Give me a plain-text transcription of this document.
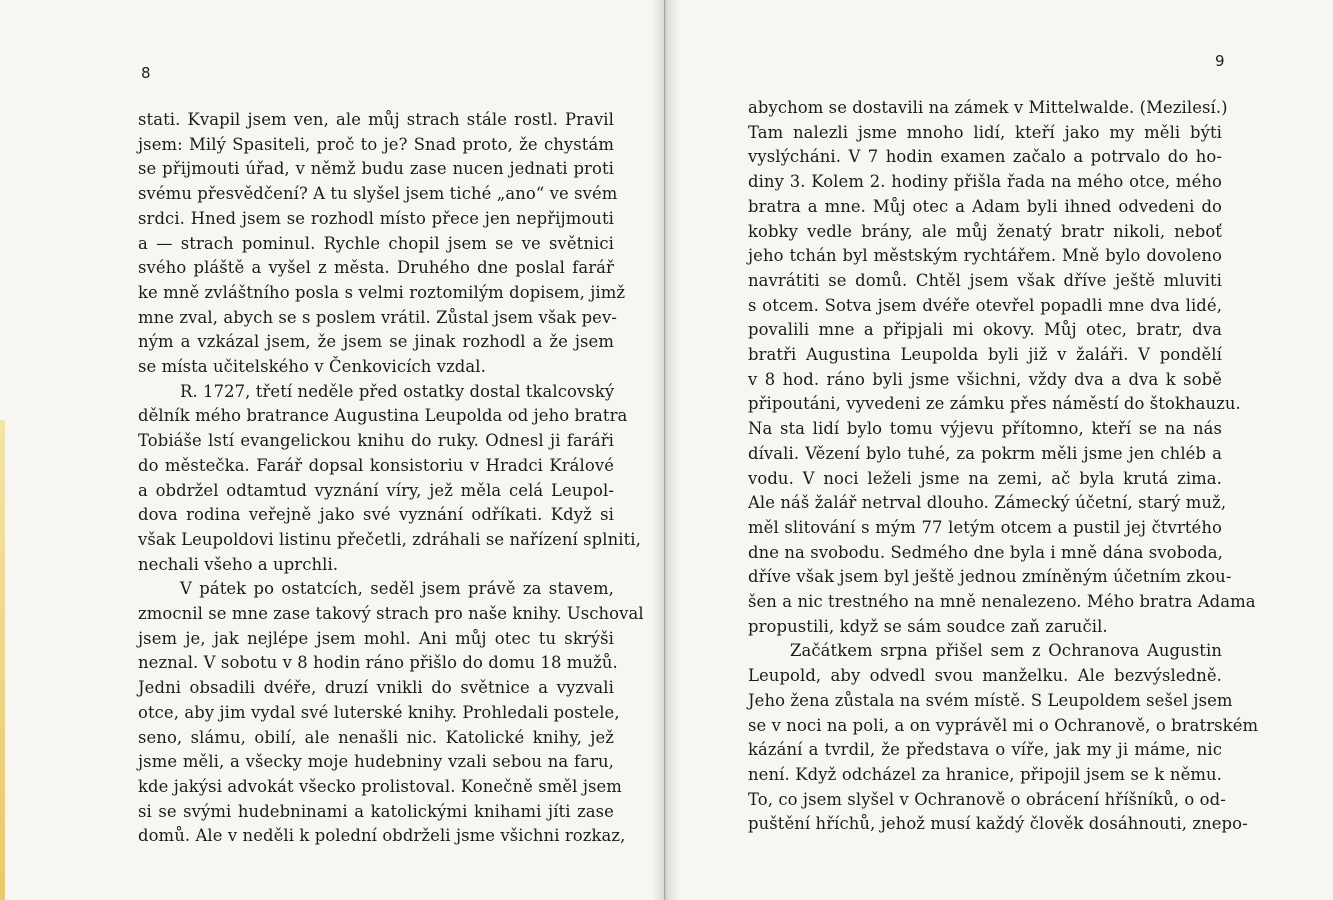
8
stati. Kvapil jsem ven, ale můj strach stále rostl. Pravil
jsem: Milý Spasiteli, proč to je? Snad proto, že chystám
se přijmouti úřad, v němž budu zase nucen jednati proti
svému přesvědčení? A tu slyšel jsem tiché „ano“ ve svém
srdci. Hned jsem se rozhodl místo přece jen nepřijmouti
a — strach pominul. Rychle chopil jsem se ve světnici
svého pláště a vyšel z města. Druhého dne poslal farář
ke mně zvláštního posla s velmi roztomilým dopisem, jimž
mne zval, abych se s poslem vrátil. Zůstal jsem však pev-
ným a vzkázal jsem, že jsem se jinak rozhodl a že jsem
se místa učitelského v Čenkovicích vzdal.
R. 1727, třetí neděle před ostatky dostal tkalcovský
dělník mého bratrance Augustina Leupolda od jeho bratra
Tobiáše lstí evangelickou knihu do ruky. Odnesl ji faráři
do městečka. Farář dopsal konsistoriu v Hradci Králové
a obdržel odtamtud vyznání víry, jež měla celá Leupol-
dova rodina veřejně jako své vyznání odříkati. Když si
však Leupoldovi listinu přečetli, zdráhali se nařízení splniti,
nechali všeho a uprchli.
V pátek po ostatcích, seděl jsem právě za stavem,
zmocnil se mne zase takový strach pro naše knihy. Uschoval
jsem je, jak nejlépe jsem mohl. Ani můj otec tu skrýši
neznal. V sobotu v 8 hodin ráno přišlo do domu 18 mužů.
Jedni obsadili dvéře, druzí vnikli do světnice a vyzvali
otce, aby jim vydal své luterské knihy. Prohledali postele,
seno, slámu, obilí, ale nenašli nic. Katolické knihy, jež
jsme měli, a všecky moje hudebniny vzali sebou na faru,
kde jakýsi advokát všecko prolistoval. Konečně směl jsem
si se svými hudebninami a katolickými knihami jíti zase
domů. Ale v neděli k polední obdrželi jsme všichni rozkaz,
9
abychom se dostavili na zámek v Mittelwalde. (Mezilesí.)
Tam nalezli jsme mnoho lidí, kteří jako my měli býti
vyslýcháni. V 7 hodin examen začalo a potrvalo do ho-
diny 3. Kolem 2. hodiny přišla řada na mého otce, mého
bratra a mne. Můj otec a Adam byli ihned odvedeni do
kobky vedle brány, ale můj ženatý bratr nikoli, neboť
jeho tchán byl městským rychtářem. Mně bylo dovoleno
navrátiti se domů. Chtěl jsem však dříve ještě mluviti
s otcem. Sotva jsem dvéře otevřel popadli mne dva lidé,
povalili mne a připjali mi okovy. Můj otec, bratr, dva
bratři Augustina Leupolda byli již v žaláři. V pondělí
v 8 hod. ráno byli jsme všichni, vždy dva a dva k sobě
připoutáni, vyvedeni ze zámku přes náměstí do štokhauzu.
Na sta lidí bylo tomu výjevu přítomno, kteří se na nás
dívali. Vězení bylo tuhé, za pokrm měli jsme jen chléb a
vodu. V noci leželi jsme na zemi, ač byla krutá zima.
Ale náš žalář netrval dlouho. Zámecký účetní, starý muž,
měl slitování s mým 77 letým otcem a pustil jej čtvrtého
dne na svobodu. Sedmého dne byla i mně dána svoboda,
dříve však jsem byl ještě jednou zmíněným účetním zkou-
šen a nic trestného na mně nenalezeno. Mého bratra Adama
propustili, když se sám soudce zaň zaručil.
Začátkem srpna přišel sem z Ochranova Augustin
Leupold, aby odvedl svou manželku. Ale bezvýsledně.
Jeho žena zůstala na svém místě. S Leupoldem sešel jsem
se v noci na poli, a on vyprávěl mi o Ochranově, o bratrském
kázání a tvrdil, že představa o víře, jak my ji máme, nic
není. Když odcházel za hranice, připojil jsem se k němu.
To, co jsem slyšel v Ochranově o obrácení hříšníků, o od-
puštění hříchů, jehož musí každý člověk dosáhnouti, znepo-
